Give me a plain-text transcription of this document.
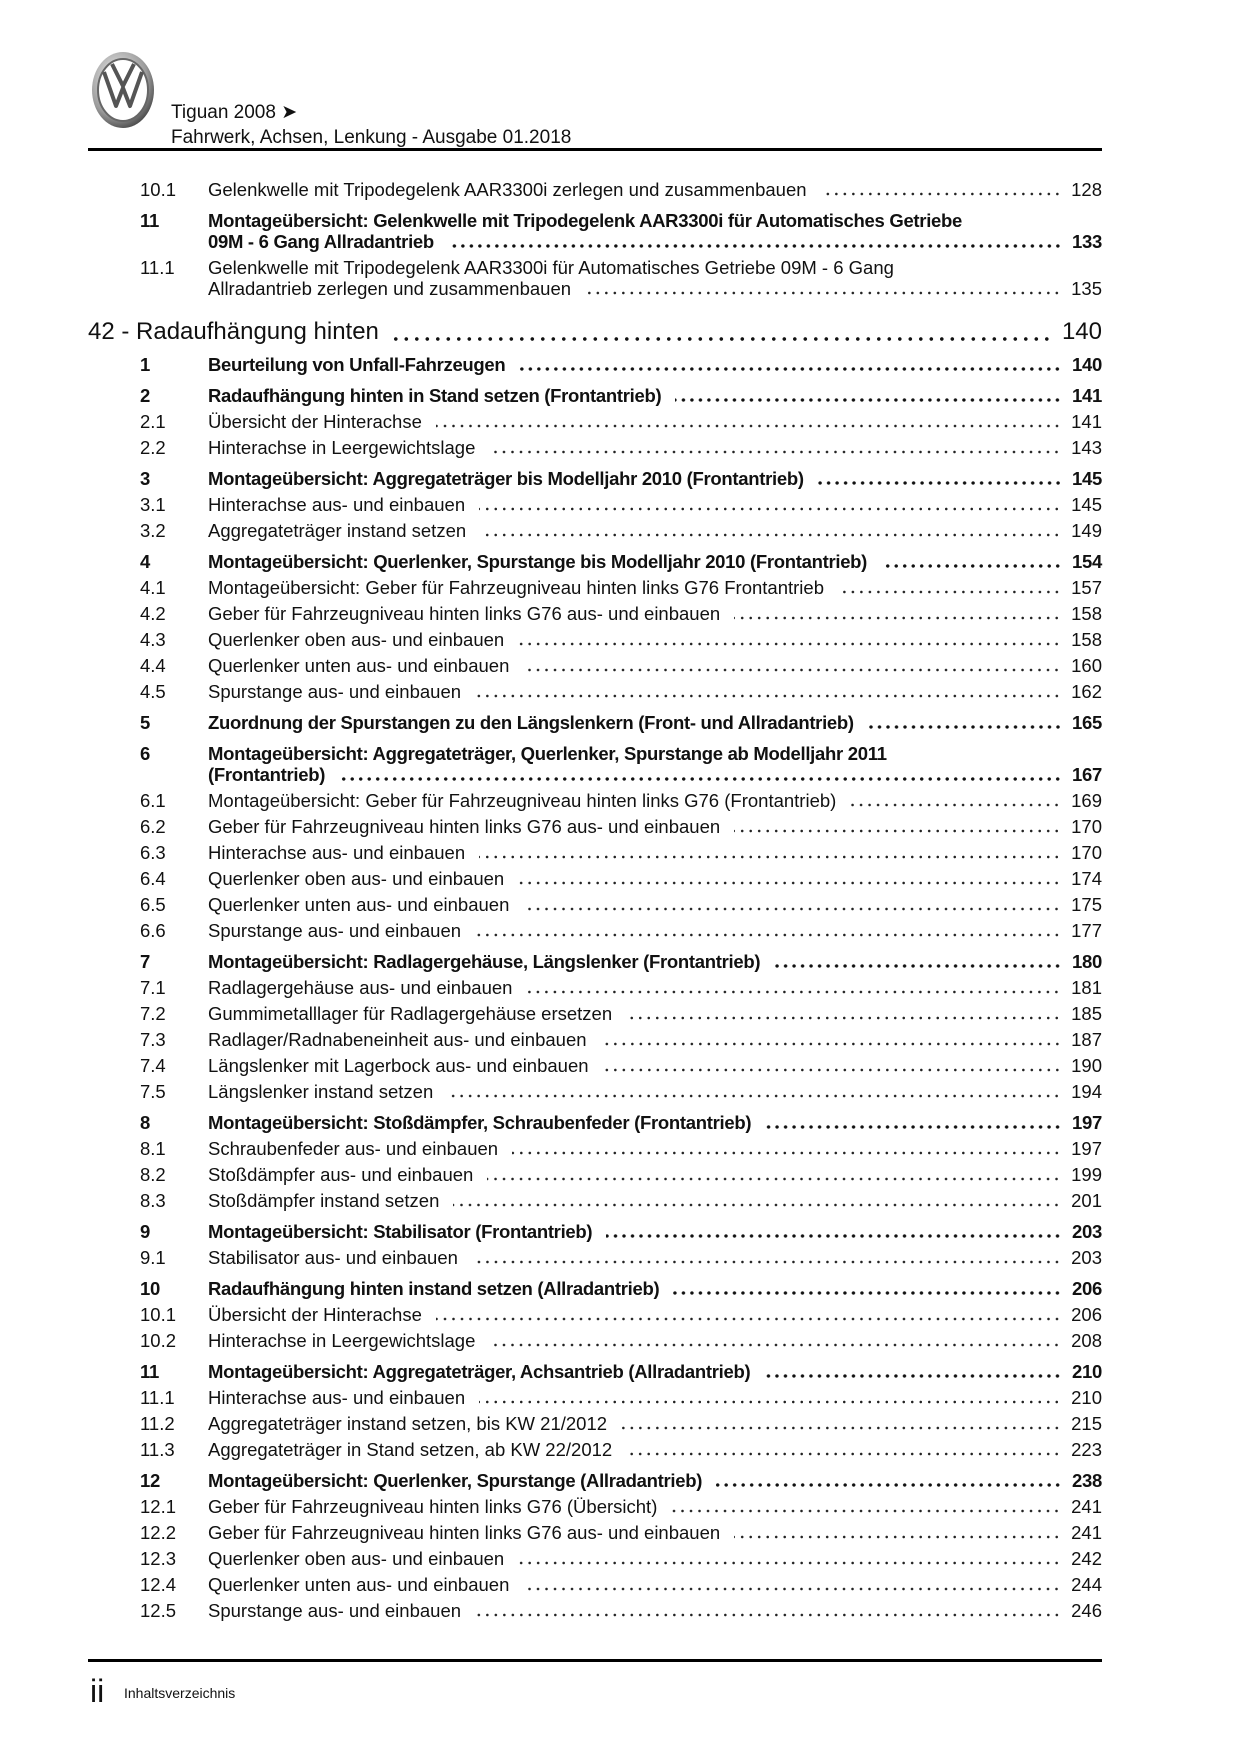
Tiguan 2008 ➤
Fahrwerk, Achsen, Lenkung - Ausgabe 01.2018
10.1	Gelenkwelle mit Tripodegelenk AAR3300i zerlegen und zusammenbauen	128
11	Montageübersicht: Gelenkwelle mit Tripodegelenk AAR3300i für Automatisches Getriebe
09M - 6 Gang Allradantrieb	133
11.1	Gelenkwelle mit Tripodegelenk AAR3300i für Automatisches Getriebe 09M - 6 Gang
Allradantrieb zerlegen und zusammenbauen	135
42 - Radaufhängung hinten	140
1	Beurteilung von Unfall-Fahrzeugen	140
2	Radaufhängung hinten in Stand setzen (Frontantrieb)	141
2.1	Übersicht der Hinterachse	141
2.2	Hinterachse in Leergewichtslage	143
3	Montageübersicht: Aggregateträger bis Modelljahr 2010 (Frontantrieb)	145
3.1	Hinterachse aus- und einbauen	145
3.2	Aggregateträger instand setzen	149
4	Montageübersicht: Querlenker, Spurstange bis Modelljahr 2010 (Frontantrieb)	154
4.1	Montageübersicht: Geber für Fahrzeugniveau hinten links G76 Frontantrieb	157
4.2	Geber für Fahrzeugniveau hinten links G76 aus- und einbauen	158
4.3	Querlenker oben aus- und einbauen	158
4.4	Querlenker unten aus- und einbauen	160
4.5	Spurstange aus- und einbauen	162
5	Zuordnung der Spurstangen zu den Längslenkern (Front- und Allradantrieb)	165
6	Montageübersicht: Aggregateträger, Querlenker, Spurstange ab Modelljahr 2011
(Frontantrieb)	167
6.1	Montageübersicht: Geber für Fahrzeugniveau hinten links G76 (Frontantrieb)	169
6.2	Geber für Fahrzeugniveau hinten links G76 aus- und einbauen	170
6.3	Hinterachse aus- und einbauen	170
6.4	Querlenker oben aus- und einbauen	174
6.5	Querlenker unten aus- und einbauen	175
6.6	Spurstange aus- und einbauen	177
7	Montageübersicht: Radlagergehäuse, Längslenker (Frontantrieb)	180
7.1	Radlagergehäuse aus- und einbauen	181
7.2	Gummimetalllager für Radlagergehäuse ersetzen	185
7.3	Radlager/Radnabeneinheit aus- und einbauen	187
7.4	Längslenker mit Lagerbock aus- und einbauen	190
7.5	Längslenker instand setzen	194
8	Montageübersicht: Stoßdämpfer, Schraubenfeder (Frontantrieb)	197
8.1	Schraubenfeder aus- und einbauen	197
8.2	Stoßdämpfer aus- und einbauen	199
8.3	Stoßdämpfer instand setzen	201
9	Montageübersicht: Stabilisator (Frontantrieb)	203
9.1	Stabilisator aus- und einbauen	203
10	Radaufhängung hinten instand setzen (Allradantrieb)	206
10.1	Übersicht der Hinterachse	206
10.2	Hinterachse in Leergewichtslage	208
11	Montageübersicht: Aggregateträger, Achsantrieb (Allradantrieb)	210
11.1	Hinterachse aus- und einbauen	210
11.2	Aggregateträger instand setzen, bis KW 21/2012	215
11.3	Aggregateträger in Stand setzen, ab KW 22/2012	223
12	Montageübersicht: Querlenker, Spurstange (Allradantrieb)	238
12.1	Geber für Fahrzeugniveau hinten links G76 (Übersicht)	241
12.2	Geber für Fahrzeugniveau hinten links G76 aus- und einbauen	241
12.3	Querlenker oben aus- und einbauen	242
12.4	Querlenker unten aus- und einbauen	244
12.5	Spurstange aus- und einbauen	246
ii Inhaltsverzeichnis
